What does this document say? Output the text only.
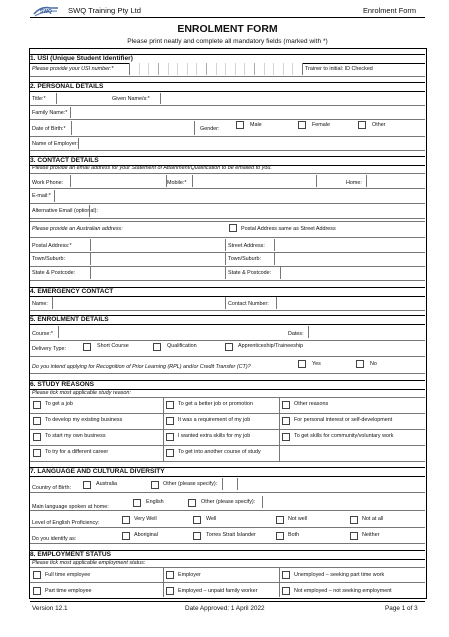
SWQ SWQ Training Pty Ltd	Enrolment Form
ENROLMENT FORM
Please print neatly and complete all mandatory fields (marked with *)
1. USI (Unique Student Identifier)
Please provide your USI number:*	Trainer to initial: ID Checked
2. PERSONAL DETAILS
Title:*	Given Name/s:*
Family Name:*
Date of Birth:*	Gender:
Male	Female	Other
Name of Employer:
3. CONTACT DETAILS
Please provide an email address for your Statement of Attainment/Qualification to be emailed to you.
Work Phone:	Mobile:*	Home:
E-mail:*
Alternative Email (optional):
Please provide an Australian address:	Postal Address same as Street Address
Postal Address:*	Street Address:
Town/Suburb:	Town/Suburb:
State & Postcode:	State & Postcode:
4. EMERGENCY CONTACT
Name:	Contact Number:
5. ENROLMENT DETAILS
Course:*	Dates:
Delivery Type:	Short Course	Qualification	Apprenticeship/Traineeship
Do you intend applying for Recognition of Prior Learning (RPL) and/or Credit Transfer (CT)?	Yes	No
6. STUDY REASONS
Please tick most applicable study reason:
To get a job	To get a better job or promotion	Other reasons
To develop my existing business	It was a requirement of my job	For personal interest or self-development
To start my own business	I wanted extra skills for my job	To get skills for community/voluntary work
To try for a different career	To get into another course of study
7. LANGUAGE AND CULTURAL DIVERSITY
Country of Birth:
Australia	Other (please specify):
Main language spoken at home:
English	Other (please specify):
Level of English Proficiency:
Very Well	Well	Not well	Not at all
Do you identify as:
Aboriginal	Torres Strait Islander	Both	Neither
8. EMPLOYMENT STATUS
Please tick most applicable employment status:
Full time employee	Employer	Unemployed – seeking part time work
Part time employee	Employed – unpaid family worker	Not employed – not seeking employment
Version 12.1	Date Approved: 1 April 2022	Page 1 of 3
